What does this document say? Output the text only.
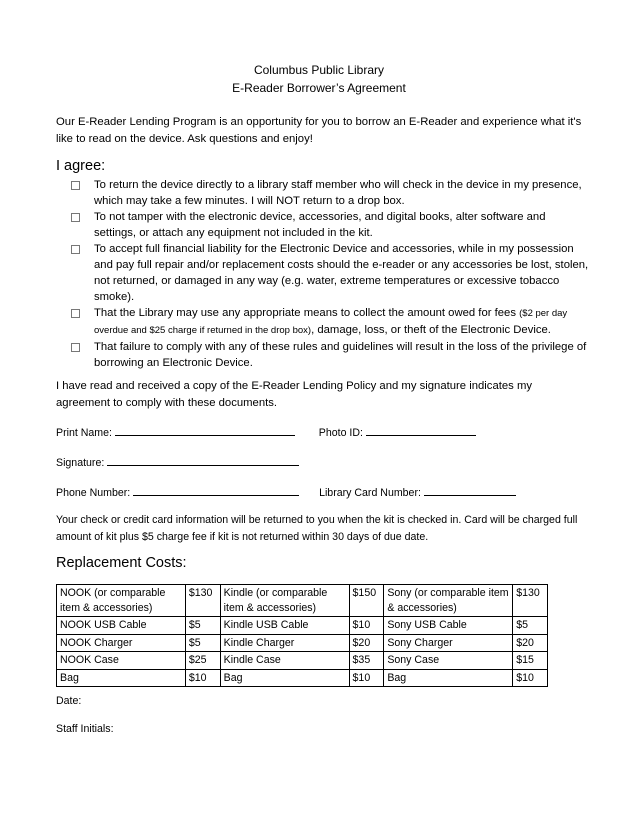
Columbus Public Library
E-Reader Borrower’s Agreement
Our E-Reader Lending Program is an opportunity for you to borrow an E-Reader and experience what it's like to read on the device. Ask questions and enjoy!
I agree:
To return the device directly to a library staff member who will check in the device in my presence, which may take a few minutes. I will NOT return to a drop box.
To not tamper with the electronic device, accessories, and digital books, alter software and settings, or attach any equipment not included in the kit.
To accept full financial liability for the Electronic Device and accessories, while in my possession and pay full repair and/or replacement costs should the e-reader or any accessories be lost, stolen, not returned, or damaged in any way (e.g. water, extreme temperatures or excessive tobacco smoke).
That the Library may use any appropriate means to collect the amount owed for fees ($2 per day overdue and $25 charge if returned in the drop box), damage, loss, or theft of the Electronic Device.
That failure to comply with any of these rules and guidelines will result in the loss of the privilege of borrowing an Electronic Device.
I have read and received a copy of the E-Reader Lending Policy and my signature indicates my agreement to comply with these documents.
Print Name:	Photo ID:
Signature:
Phone Number:	Library Card Number:
Your check or credit card information will be returned to you when the kit is checked in. Card will be charged full amount of kit plus $5 charge fee if kit is not returned within 30 days of due date.
Replacement Costs:
NOOK (or comparable item & accessories)	$130	Kindle (or comparable item & accessories)	$150	Sony (or comparable item & accessories)	$130
NOOK USB Cable	$5	Kindle USB Cable	$10	Sony USB Cable	$5
NOOK Charger	$5	Kindle Charger	$20	Sony Charger	$20
NOOK Case	$25	Kindle Case	$35	Sony Case	$15
Bag	$10	Bag	$10	Bag	$10
Date:
Staff Initials:
